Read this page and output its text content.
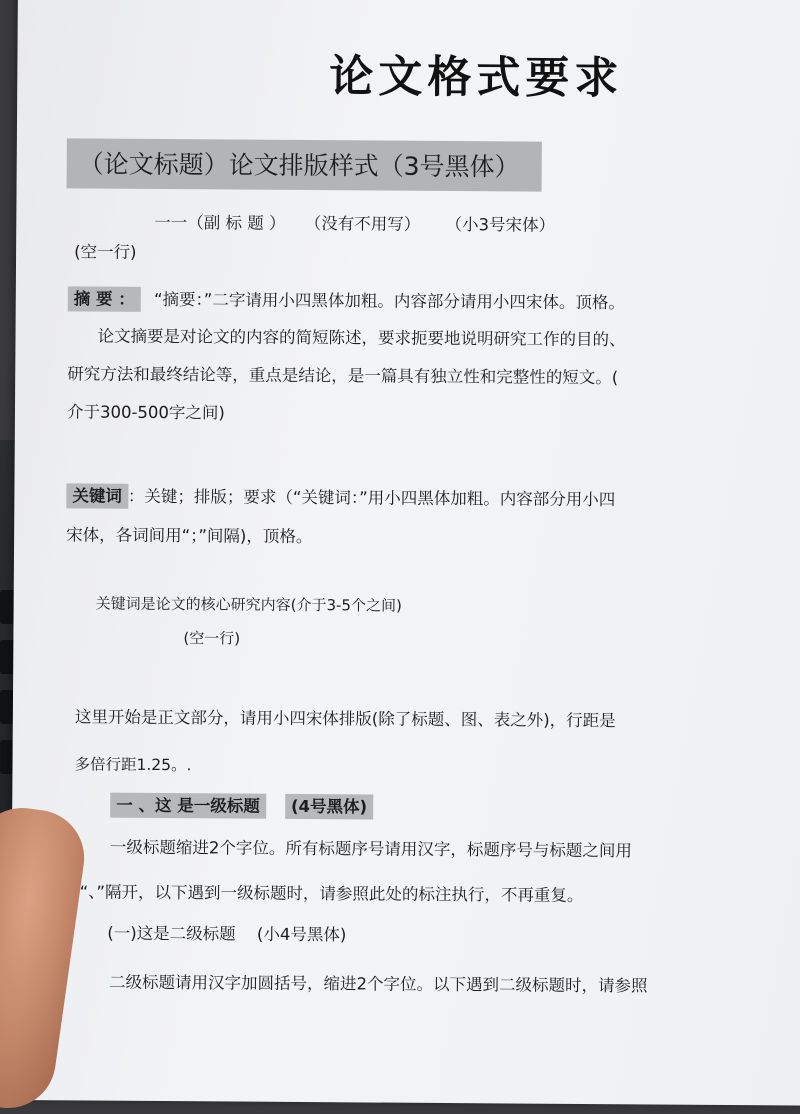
论文格式要求
（论文标题）论文排版样式（3号黑体）
一一（副 标 题 ） （没有不用写） （小3号宋体）
(空一行)
摘 要 ： “摘要：”二字请用小四黑体加粗。内容部分请用小四宋体。顶格。
论文摘要是对论文的内容的简短陈述，要求扼要地说明研究工作的目的、
研究方法和最终结论等，重点是结论，是一篇具有独立性和完整性的短文。(
介于300-500字之间)
关键词 ：关键；排版；要求（“关键词：”用小四黑体加粗。内容部分用小四
宋体，各词间用“；”间隔)，顶格。
关键词是论文的核心研究内容(介于3-5个之间)
(空一行)
这里开始是正文部分，请用小四宋体排版(除了标题、图、表之外)，行距是
多倍行距1.25。.
一 、这 是一级标题 (4号黑体)
一级标题缩进2个字位。所有标题序号请用汉字，标题序号与标题之间用
“、”隔开，以下遇到一级标题时，请参照此处的标注执行，不再重复。
(一)这是二级标题 (小4号黑体)
二级标题请用汉字加圆括号，缩进2个字位。以下遇到二级标题时，请参照
